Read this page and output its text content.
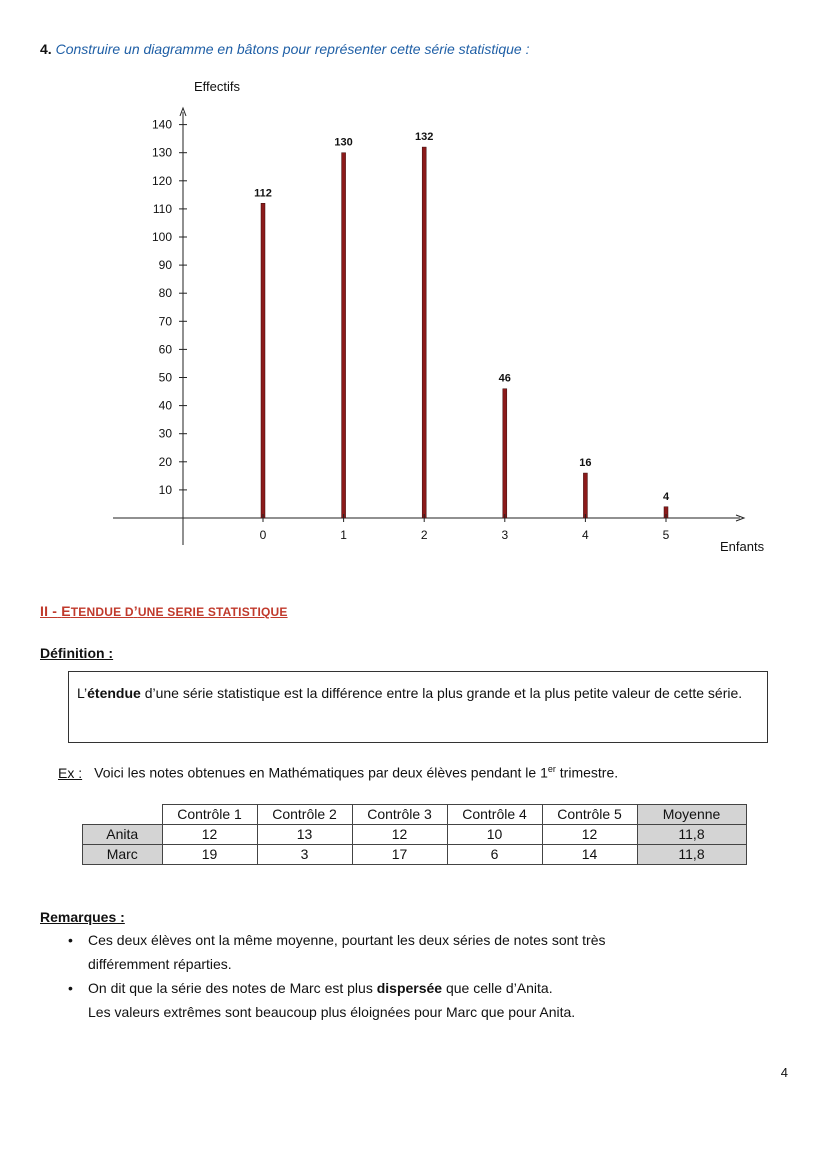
4. Construire un diagramme en bâtons pour représenter cette série statistique :
10
20
30
40
50
60
70
80
90
100
110
120
130
140
112
0
130
1
132
2
46
3
16
4
4
5
Effectifs
Enfants
II - ETENDUE D’UNE SERIE STATISTIQUE
Définition :
L’étendue d’une série statistique est la différence entre la plus grande et la plus petite valeur de cette série.
Ex : Voici les notes obtenues en Mathématiques par deux élèves pendant le 1er trimestre.
	Contrôle 1	Contrôle 2	Contrôle 3	Contrôle 4	Contrôle 5	Moyenne
Anita	12	13	12	10	12	11,8
Marc	19	3	17	6	14	11,8
Remarques :
• Ces deux élèves ont la même moyenne, pourtant les deux séries de notes sont très
différemment réparties.
• On dit que la série des notes de Marc est plus dispersée que celle d’Anita.
Les valeurs extrêmes sont beaucoup plus éloignées pour Marc que pour Anita.
4
